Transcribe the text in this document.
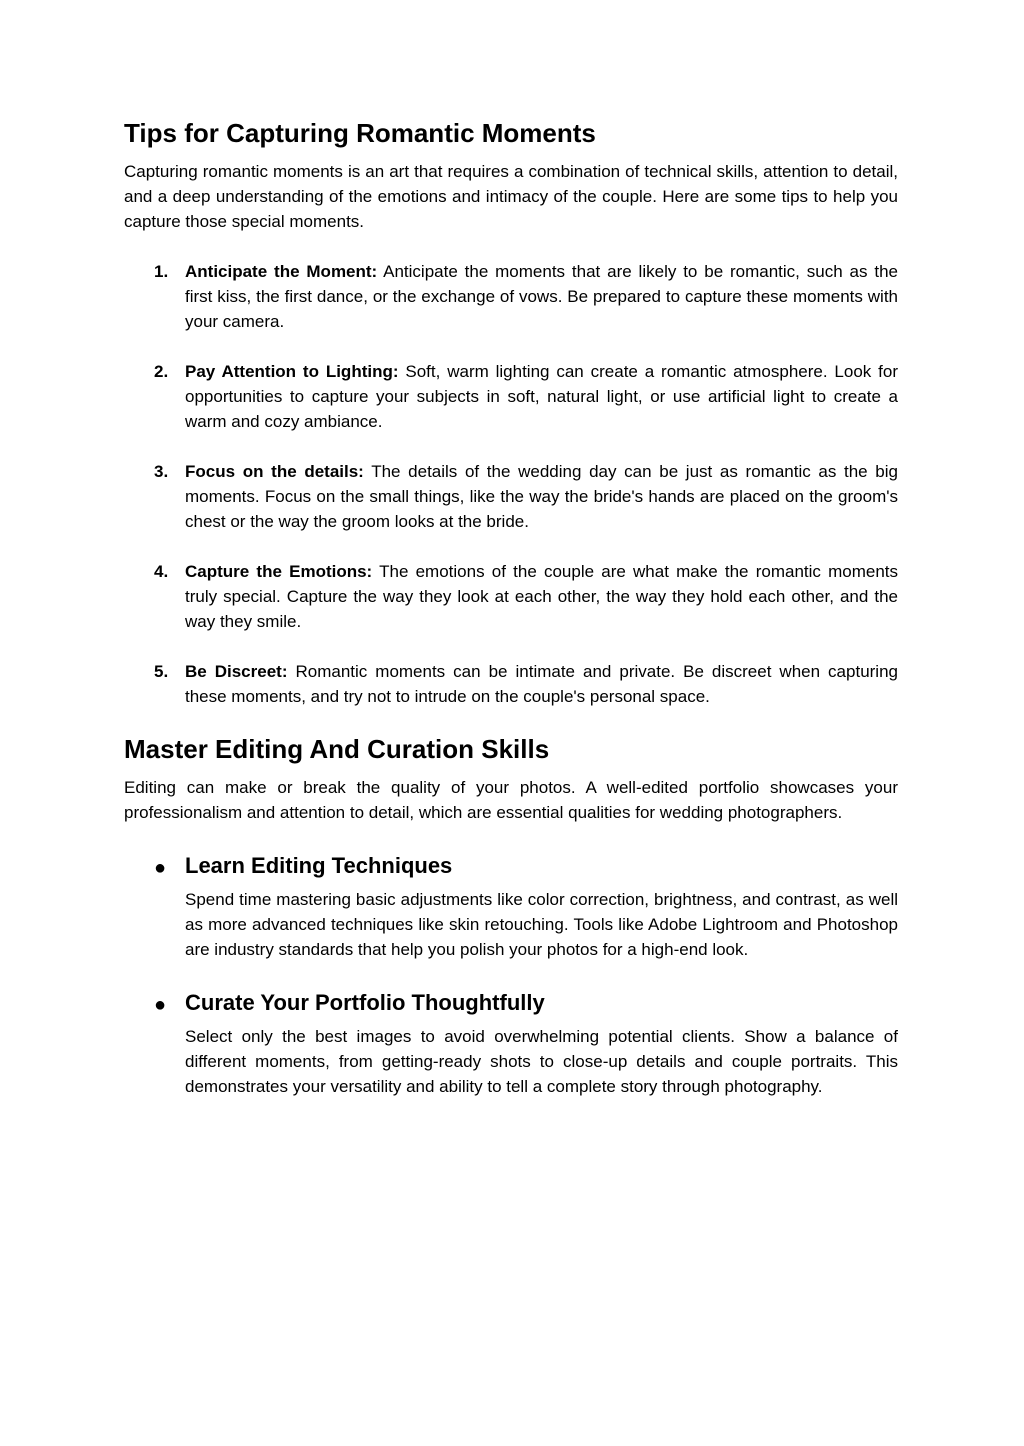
Tips for Capturing Romantic Moments

Capturing romantic moments is an art that requires a combination of technical skills, attention to detail, and a deep understanding of the emotions and intimacy of the couple. Here are some tips to help you capture those special moments.

1. Anticipate the Moment: Anticipate the moments that are likely to be romantic, such as the first kiss, the first dance, or the exchange of vows. Be prepared to capture these moments with your camera.
2. Pay Attention to Lighting: Soft, warm lighting can create a romantic atmosphere. Look for opportunities to capture your subjects in soft, natural light, or use artificial light to create a warm and cozy ambiance.
3. Focus on the details: The details of the wedding day can be just as romantic as the big moments. Focus on the small things, like the way the bride's hands are placed on the groom's chest or the way the groom looks at the bride.
4. Capture the Emotions: The emotions of the couple are what make the romantic moments truly special. Capture the way they look at each other, the way they hold each other, and the way they smile.
5. Be Discreet: Romantic moments can be intimate and private. Be discreet when capturing these moments, and try not to intrude on the couple's personal space.
Master Editing And Curation Skills

Editing can make or break the quality of your photos. A well-edited portfolio showcases your professionalism and attention to detail, which are essential qualities for wedding photographers.

● Learn Editing Techniques

Spend time mastering basic adjustments like color correction, brightness, and contrast, as well as more advanced techniques like skin retouching. Tools like Adobe Lightroom and Photoshop are industry standards that help you polish your photos for a high-end look.

● Curate Your Portfolio Thoughtfully

Select only the best images to avoid overwhelming potential clients. Show a balance of different moments, from getting-ready shots to close-up details and couple portraits. This demonstrates your versatility and ability to tell a complete story through photography.
